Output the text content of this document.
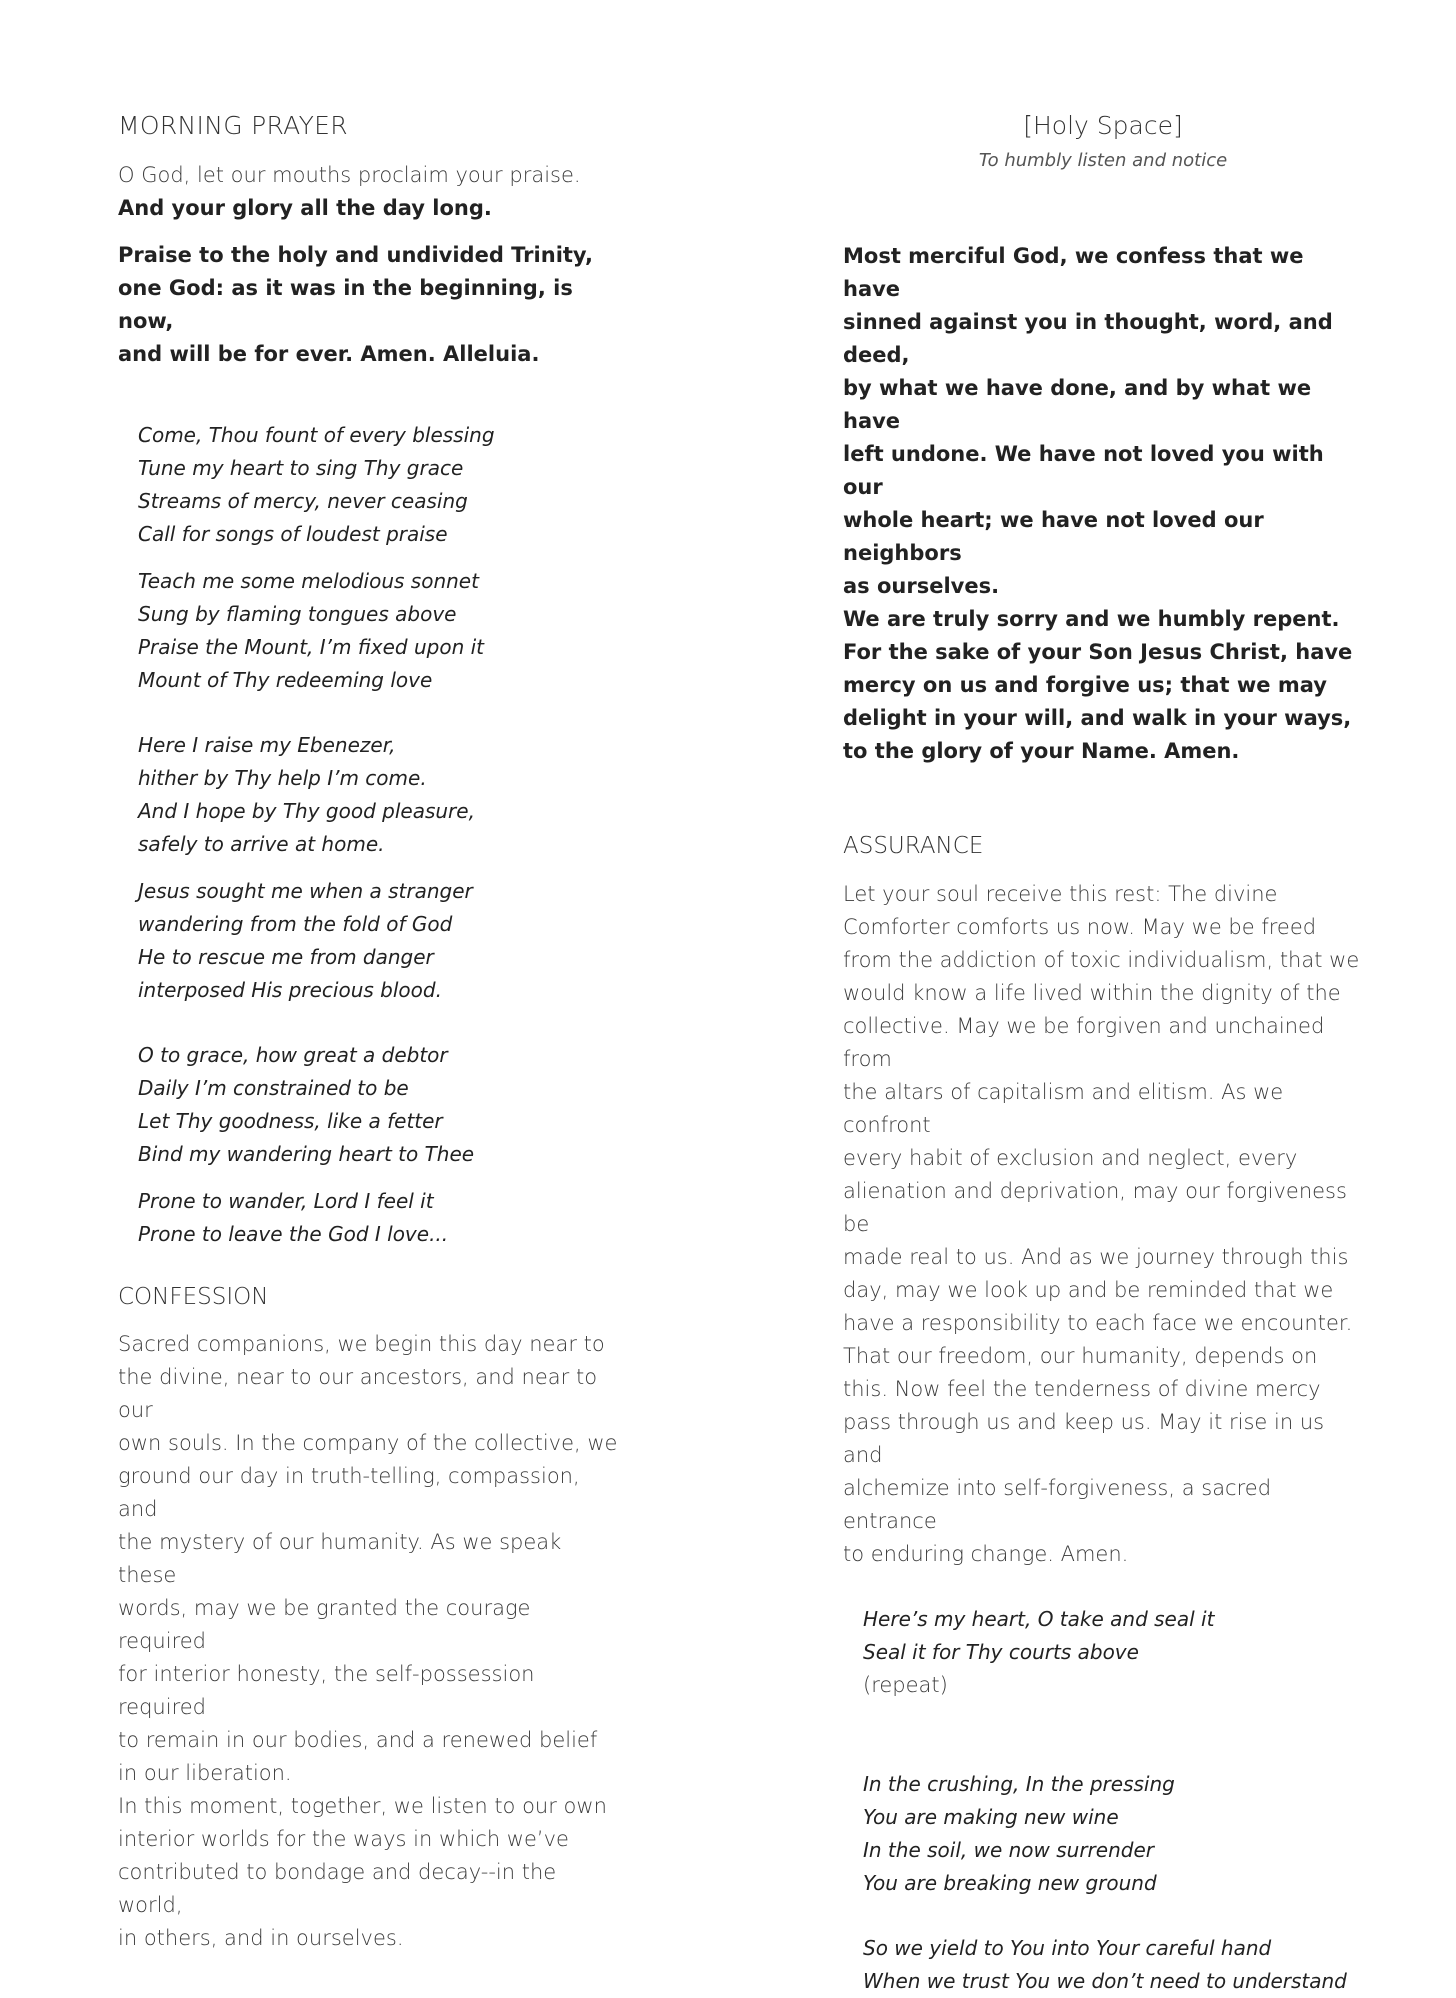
MORNING PRAYER

O God, let our mouths proclaim your praise.

And your glory all the day long.

Praise to the holy and undivided Trinity,
one God: as it was in the beginning, is now,
and will be for ever. Amen. Alleluia.
Come, Thou fount of every blessing
Tune my heart to sing Thy grace
Streams of mercy, never ceasing
Call for songs of loudest praise
Teach me some melodious sonnet
Sung by flaming tongues above
Praise the Mount, I’m fixed upon it
Mount of Thy redeeming love
Here I raise my Ebenezer,
hither by Thy help I’m come.
And I hope by Thy good pleasure,
safely to arrive at home.
Jesus sought me when a stranger
wandering from the fold of God
He to rescue me from danger
interposed His precious blood.
O to grace, how great a debtor
Daily I’m constrained to be
Let Thy goodness, like a fetter
Bind my wandering heart to Thee
Prone to wander, Lord I feel it
Prone to leave the God I love...
CONFESSION
Sacred companions, we begin this day near to
the divine, near to our ancestors, and near to our
own souls. In the company of the collective, we
ground our day in truth-telling, compassion, and
the mystery of our humanity. As we speak these
words, may we be granted the courage required
for interior honesty, the self-possession required
to remain in our bodies, and a renewed belief
in our liberation.
In this moment, together, we listen to our own
interior worlds for the ways in which we’ve
contributed to bondage and decay--in the world,
in others, and in ourselves.
[Holy Space]
To humbly listen and notice
Most merciful God, we confess that we have
sinned against you in thought, word, and deed,
by what we have done, and by what we have
left undone. We have not loved you with our
whole heart; we have not loved our neighbors
as ourselves.
We are truly sorry and we humbly repent.
For the sake of your Son Jesus Christ, have
mercy on us and forgive us; that we may
delight in your will, and walk in your ways,
to the glory of your Name. Amen.
ASSURANCE
Let your soul receive this rest: The divine
Comforter comforts us now. May we be freed
from the addiction of toxic individualism, that we
would know a life lived within the dignity of the
collective. May we be forgiven and unchained from
the altars of capitalism and elitism. As we confront
every habit of exclusion and neglect, every
alienation and deprivation, may our forgiveness be
made real to us. And as we journey through this
day, may we look up and be reminded that we
have a responsibility to each face we encounter.
That our freedom, our humanity, depends on
this. Now feel the tenderness of divine mercy
pass through us and keep us. May it rise in us and
alchemize into self-forgiveness, a sacred entrance
to enduring change. Amen.
Here’s my heart, O take and seal it
Seal it for Thy courts above
(repeat)
In the crushing, In the pressing
You are making new wine
In the soil, we now surrender
You are breaking new ground
So we yield to You into Your careful hand
When we trust You we don’t need to understand
